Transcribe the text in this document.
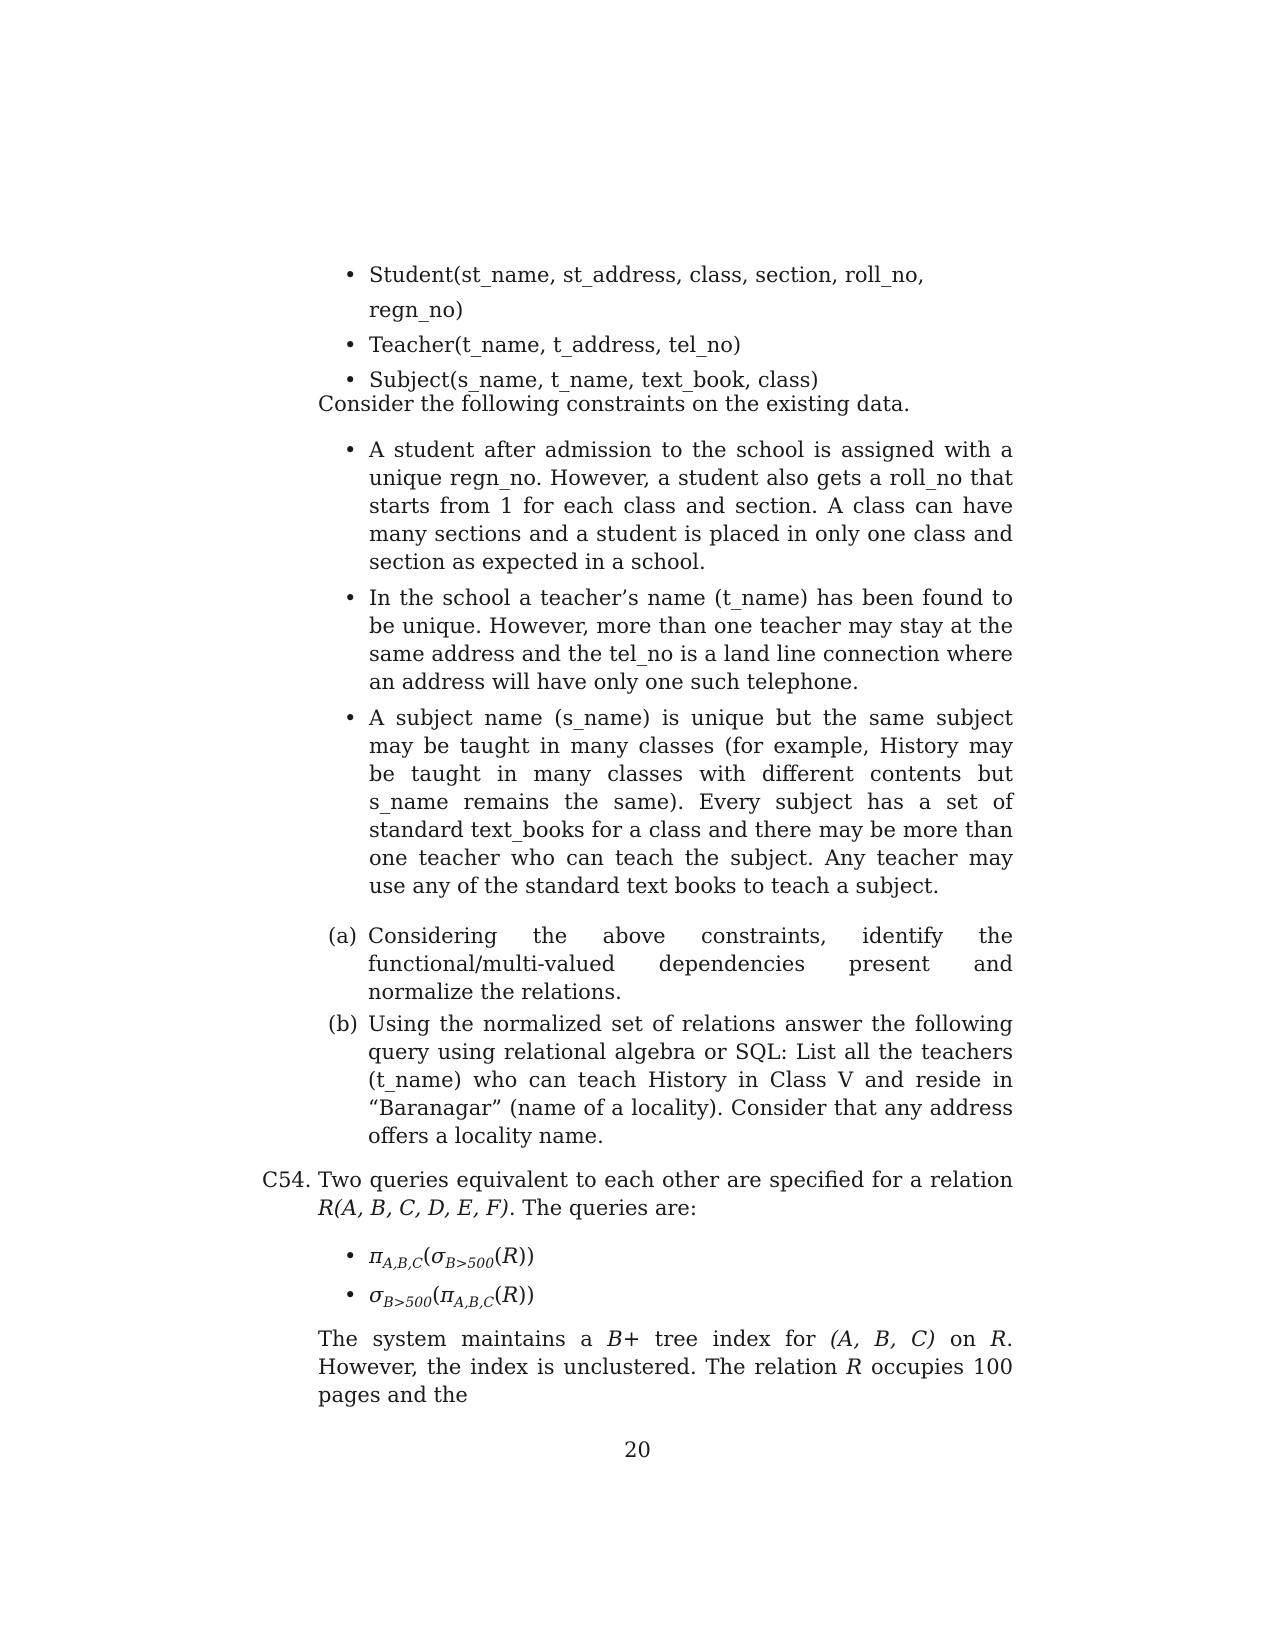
• Student(st_name, st_address, class, section, roll_no, regn_no)
• Teacher(t_name, t_address, tel_no)
• Subject(s_name, t_name, text_book, class)
Consider the following constraints on the existing data.
• A student after admission to the school is assigned with a unique regn_no. However, a student also gets a roll_no that starts from 1 for each class and section. A class can have many sections and a student is placed in only one class and section as expected in a school.
• In the school a teacher’s name (t_name) has been found to be unique. However, more than one teacher may stay at the same address and the tel_no is a land line connection where an address will have only one such telephone.
• A subject name (s_name) is unique but the same subject may be taught in many classes (for example, History may be taught in many classes with different contents but s_name remains the same). Every subject has a set of standard text_books for a class and there may be more than one teacher who can teach the subject. Any teacher may use any of the standard text books to teach a subject.
(a) Considering the above constraints, identify the functional/multi-valued dependencies present and normalize the relations.
(b) Using the normalized set of relations answer the following query using relational algebra or SQL: List all the teachers (t_name) who can teach History in Class V and reside in “Baranagar” (name of a locality). Consider that any address offers a locality name.
C54. Two queries equivalent to each other are specified for a relation R(A, B, C, D, E, F). The queries are:
• $\pi_{A,B,C}(\sigma_{B>500}(R))$
• $\sigma_{B>500}(\pi_{A,B,C}(R))$
The system maintains a B+ tree index for (A, B, C) on R. However, the index is unclustered. The relation R occupies 100 pages and the
20
